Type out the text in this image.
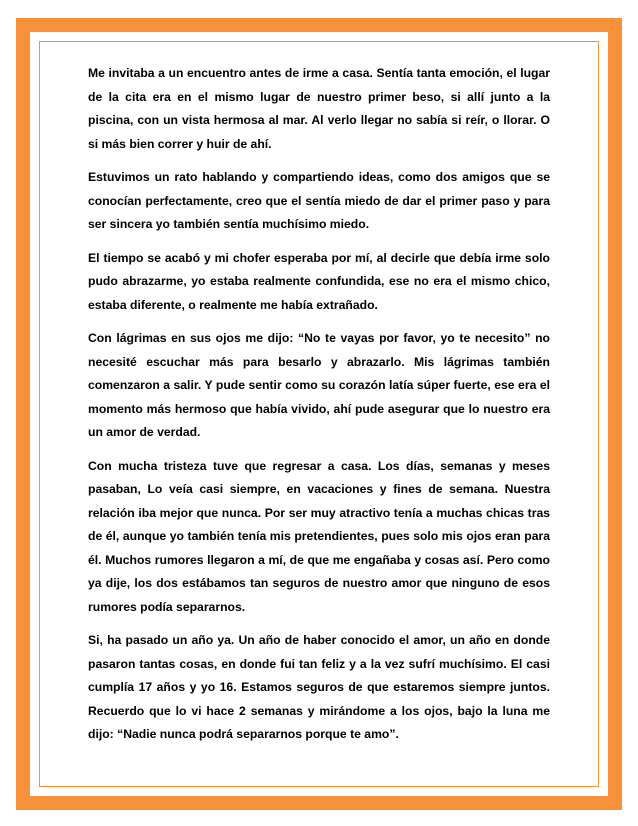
Me invitaba a un encuentro antes de irme a casa. Sentía tanta emoción, el lugar de la cita era en el mismo lugar de nuestro primer beso, si allí junto a la piscina, con un vista hermosa al mar. Al verlo llegar no sabía si reír, o llorar. O si más bien correr y huir de ahí.

Estuvimos un rato hablando y compartiendo ideas, como dos amigos que se conocían perfectamente, creo que el sentía miedo de dar el primer paso y para ser sincera yo también sentía muchísimo miedo.

El tiempo se acabó y mi chofer esperaba por mí, al decirle que debía irme solo pudo abrazarme, yo estaba realmente confundida, ese no era el mismo chico, estaba diferente, o realmente me había extrañado.

Con lágrimas en sus ojos me dijo: “No te vayas por favor, yo te necesito” no necesité escuchar más para besarlo y abrazarlo. Mis lágrimas también comenzaron a salir. Y pude sentir como su corazón latía súper fuerte, ese era el momento más hermoso que había vivido, ahí pude asegurar que lo nuestro era un amor de verdad.

Con mucha tristeza tuve que regresar a casa. Los días, semanas y meses pasaban, Lo veía casi siempre, en vacaciones y fines de semana. Nuestra relación iba mejor que nunca. Por ser muy atractivo tenía a muchas chicas tras de él, aunque yo también tenía mis pretendientes, pues solo mis ojos eran para él. Muchos rumores llegaron a mí, de que me engañaba y cosas así. Pero como ya dije, los dos estábamos tan seguros de nuestro amor que ninguno de esos rumores podía separarnos.

Si, ha pasado un año ya. Un año de haber conocido el amor, un año en donde pasaron tantas cosas, en donde fui tan feliz y a la vez sufrí muchísimo. El casi cumplía 17 años y yo 16. Estamos seguros de que estaremos siempre juntos. Recuerdo que lo vi hace 2 semanas y mirándome a los ojos, bajo la luna me dijo: “Nadie nunca podrá separarnos porque te amo”.
